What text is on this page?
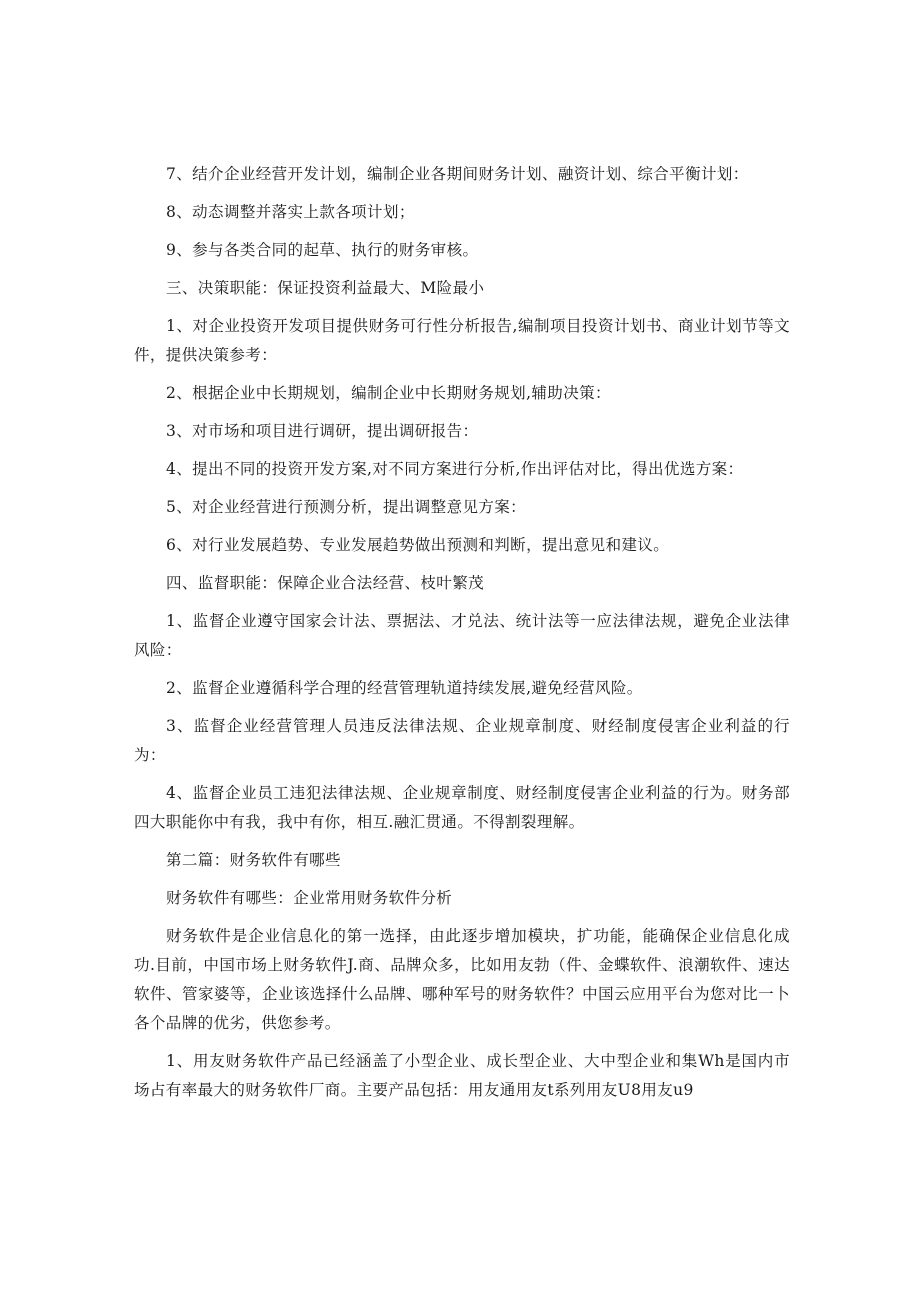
7、结介企业经营开发计划，编制企业各期间财务计划、融资计划、综合平衡计划：

8、动态调整并落实上款各项计划；

9、参与各类合同的起草、执行的财务审核。

三、决策职能：保证投资利益最大、M险最小

1、对企业投资开发项目提供财务可行性分析报告,编制项目投资计划书、商业计划节等文件，提供决策参考：

2、根据企业中长期规划，编制企业中长期财务规划,辅助决策：

3、对市场和项目进行调研，提出调研报告：

4、提出不同的投资开发方案,对不同方案进行分析,作出评估对比，得出优选方案：

5、对企业经营进行预测分析，提出调整意见方案：

6、对行业发展趋势、专业发展趋势做出预测和判断，提出意见和建议。

四、监督职能：保障企业合法经营、枝叶繁茂

1、监督企业遵守国家会计法、票据法、才兑法、统计法等一应法律法规，避免企业法律风险：

2、监督企业遵循科学合理的经营管理轨道持续发展,避免经营风险。

3、监督企业经营管理人员违反法律法规、企业规章制度、财经制度侵害企业利益的行为：

4、监督企业员工违犯法律法规、企业规章制度、财经制度侵害企业利益的行为。财务部四大职能你中有我，我中有你，相互.融汇贯通。不得割裂理解。

第二篇：财务软件有哪些

财务软件有哪些：企业常用财务软件分析

财务软件是企业信息化的第一选择，由此逐步增加模块，扩功能，能确保企业信息化成功.目前，中国市场上财务软件J.商、品牌众多，比如用友勃（件、金蝶软件、浪潮软件、速达软件、管家婆等，企业该选择什么品牌、哪种军号的财务软件？中国云应用平台为您对比一卜各个品牌的优劣，供您参考。

1、用友财务软件产品已经涵盖了小型企业、成长型企业、大中型企业和集Wh是国内市场占有率最大的财务软件厂商。主要产品包括：用友通用友t系列用友U8用友u9
